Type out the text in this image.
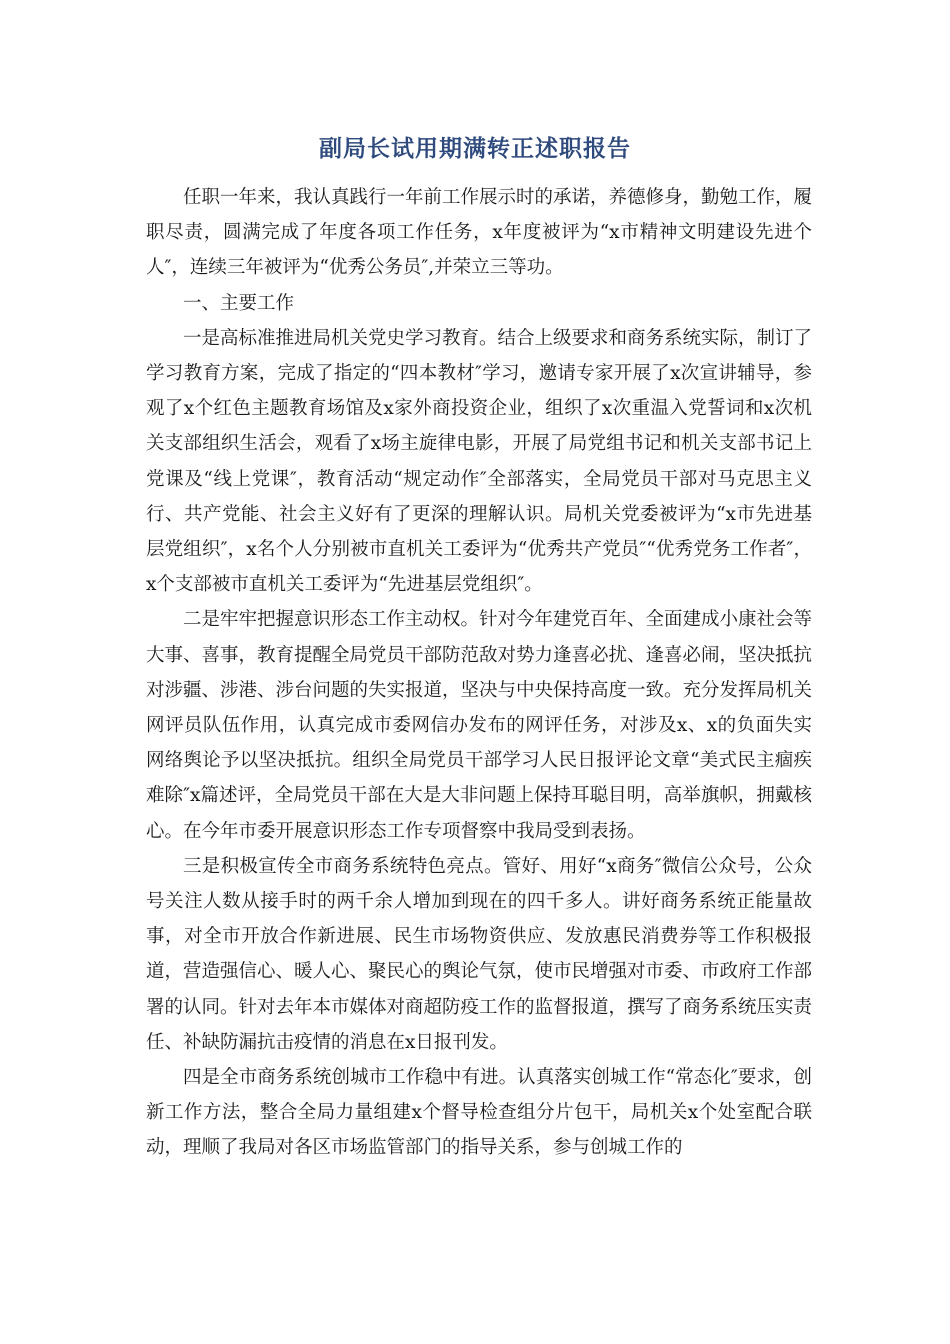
副局长试用期满转正述职报告

任职一年来，我认真践行一年前工作展示时的承诺，养德修身，勤勉工作，履职尽责，圆满完成了年度各项工作任务，x年度被评为“x市精神文明建设先进个人″，连续三年被评为“优秀公务员″,并荣立三等功。

一、主要工作

一是高标准推进局机关党史学习教育。结合上级要求和商务系统实际，制订了学习教育方案，完成了指定的“四本教材″学习，邀请专家开展了x次宣讲辅导，参观了x个红色主题教育场馆及x家外商投资企业，组织了x次重温入党誓词和x次机关支部组织生活会，观看了x场主旋律电影，开展了局党组书记和机关支部书记上党课及“线上党课″，教育活动“规定动作″全部落实，全局党员干部对马克思主义行、共产党能、社会主义好有了更深的理解认识。局机关党委被评为“x市先进基层党组织″，x名个人分别被市直机关工委评为“优秀共产党员″“优秀党务工作者″，x个支部被市直机关工委评为“先进基层党组织″。

二是牢牢把握意识形态工作主动权。针对今年建党百年、全面建成小康社会等大事、喜事，教育提醒全局党员干部防范敌对势力逢喜必扰、逢喜必闹，坚决抵抗对涉疆、涉港、涉台问题的失实报道，坚决与中央保持高度一致。充分发挥局机关网评员队伍作用，认真完成市委网信办发布的网评任务，对涉及x、x的负面失实网络舆论予以坚决抵抗。组织全局党员干部学习人民日报评论文章“美式民主痼疾难除″x篇述评，全局党员干部在大是大非问题上保持耳聪目明，高举旗帜，拥戴核心。在今年市委开展意识形态工作专项督察中我局受到表扬。

三是积极宣传全市商务系统特色亮点。管好、用好“x商务″微信公众号，公众号关注人数从接手时的两千余人增加到现在的四千多人。讲好商务系统正能量故事，对全市开放合作新进展、民生市场物资供应、发放惠民消费券等工作积极报道，营造强信心、暖人心、聚民心的舆论气氛，使市民增强对市委、市政府工作部署的认同。针对去年本市媒体对商超防疫工作的监督报道，撰写了商务系统压实责任、补缺防漏抗击疫情的消息在x日报刊发。

四是全市商务系统创城市工作稳中有进。认真落实创城工作“常态化″要求，创新工作方法，整合全局力量组建x个督导检查组分片包干，局机关x个处室配合联动，理顺了我局对各区市场监管部门的指导关系，参与创城工作的
